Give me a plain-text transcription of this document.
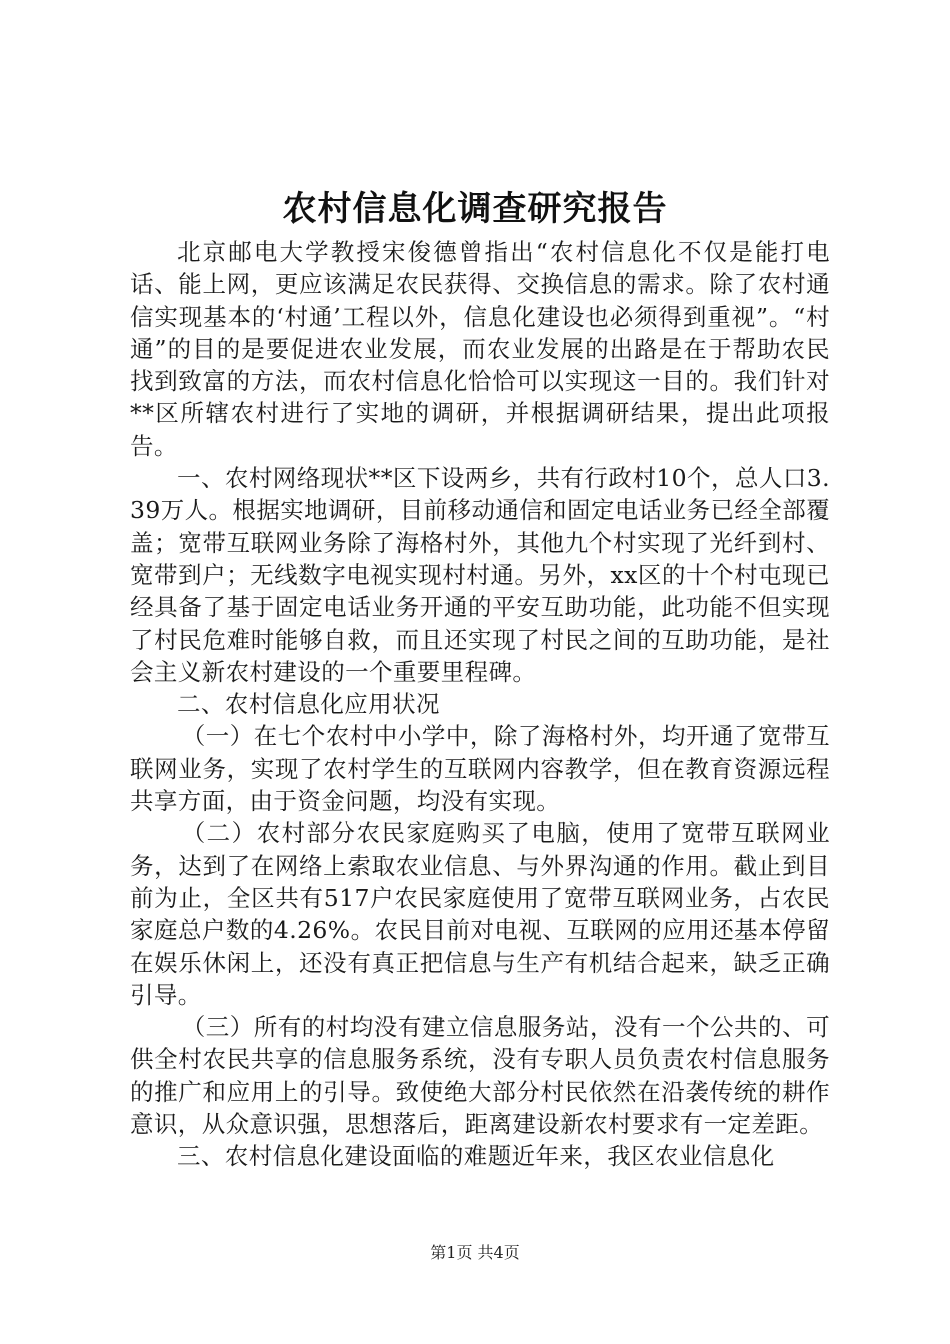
农村信息化调查研究报告

北京邮电大学教授宋俊德曾指出“农村信息化不仅是能打电话、能上网，更应该满足农民获得、交换信息的需求。除了农村通信实现基本的‘村通’工程以外，信息化建设也必须得到重视”。“村通”的目的是要促进农业发展，而农业发展的出路是在于帮助农民找到致富的方法，而农村信息化恰恰可以实现这一目的。我们针对**区所辖农村进行了实地的调研，并根据调研结果，提出此项报告。

一、农村网络现状**区下设两乡，共有行政村10个，总人口3.39万人。根据实地调研，目前移动通信和固定电话业务已经全部覆盖；宽带互联网业务除了海格村外，其他九个村实现了光纤到村、宽带到户；无线数字电视实现村村通。另外，xx区的十个村屯现已经具备了基于固定电话业务开通的平安互助功能，此功能不但实现了村民危难时能够自救，而且还实现了村民之间的互助功能，是社会主义新农村建设的一个重要里程碑。

二、农村信息化应用状况

（一）在七个农村中小学中，除了海格村外，均开通了宽带互联网业务，实现了农村学生的互联网内容教学，但在教育资源远程共享方面，由于资金问题，均没有实现。

（二）农村部分农民家庭购买了电脑，使用了宽带互联网业务，达到了在网络上索取农业信息、与外界沟通的作用。截止到目前为止，全区共有517户农民家庭使用了宽带互联网业务，占农民家庭总户数的4.26%。农民目前对电视、互联网的应用还基本停留在娱乐休闲上，还没有真正把信息与生产有机结合起来，缺乏正确引导。

（三）所有的村均没有建立信息服务站，没有一个公共的、可供全村农民共享的信息服务系统，没有专职人员负责农村信息服务的推广和应用上的引导。致使绝大部分村民依然在沿袭传统的耕作意识，从众意识强，思想落后，距离建设新农村要求有一定差距。

三、农村信息化建设面临的难题近年来，我区农业信息化

第1页 共4页
